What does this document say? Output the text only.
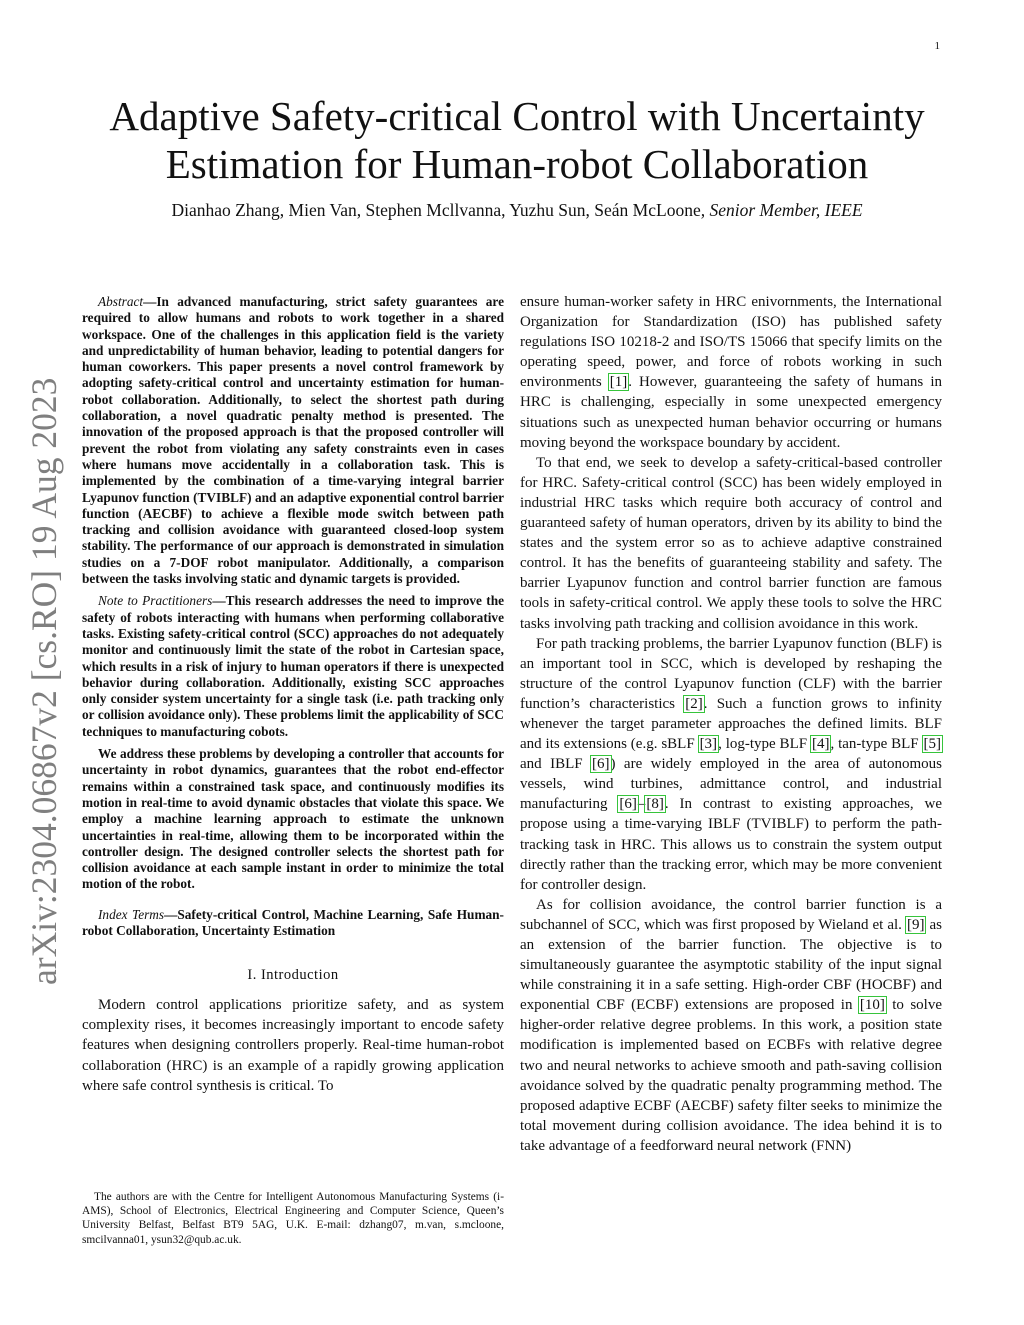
1
arXiv:2304.06867v2 [cs.RO] 19 Aug 2023
Adaptive Safety-critical Control with Uncertainty
Estimation for Human-robot Collaboration
Dianhao Zhang, Mien Van, Stephen Mcllvanna, Yuzhu Sun, Seán McLoone, Senior Member, IEEE

Abstract—In advanced manufacturing, strict safety guarantees are required to allow humans and robots to work together in a shared workspace. One of the challenges in this application field is the variety and unpredictability of human behavior, leading to potential dangers for human coworkers. This paper presents a novel control framework by adopting safety-critical control and uncertainty estimation for human-robot collaboration. Additionally, to select the shortest path during collaboration, a novel quadratic penalty method is presented. The innovation of the proposed approach is that the proposed controller will prevent the robot from violating any safety constraints even in cases where humans move accidentally in a collaboration task. This is implemented by the combination of a time-varying integral barrier Lyapunov function (TVIBLF) and an adaptive exponential control barrier function (AECBF) to achieve a flexible mode switch between path tracking and collision avoidance with guaranteed closed-loop system stability. The performance of our approach is demonstrated in simulation studies on a 7-DOF robot manipulator. Additionally, a comparison between the tasks involving static and dynamic targets is provided.

Note to Practitioners—This research addresses the need to improve the safety of robots interacting with humans when performing collaborative tasks. Existing safety-critical control (SCC) approaches do not adequately monitor and continuously limit the state of the robot in Cartesian space, which results in a risk of injury to human operators if there is unexpected behavior during collaboration. Additionally, existing SCC approaches only consider system uncertainty for a single task (i.e. path tracking only or collision avoidance only). These problems limit the applicability of SCC techniques to manufacturing cobots.

We address these problems by developing a controller that accounts for uncertainty in robot dynamics, guarantees that the robot end-effector remains within a constrained task space, and continuously modifies its motion in real-time to avoid dynamic obstacles that violate this space. We employ a machine learning approach to estimate the unknown uncertainties in real-time, allowing them to be incorporated within the controller design. The designed controller selects the shortest path for collision avoidance at each sample instant in order to minimize the total motion of the robot.

Index Terms—Safety-critical Control, Machine Learning, Safe Human-robot Collaboration, Uncertainty Estimation

I. Introduction

Modern control applications prioritize safety, and as system complexity rises, it becomes increasingly important to encode safety features when designing controllers properly. Real-time human-robot collaboration (HRC) is an example of a rapidly growing application where safe control synthesis is critical. To

The authors are with the Centre for Intelligent Autonomous Manufacturing Systems (i-AMS), School of Electronics, Electrical Engineering and Computer Science, Queen’s University Belfast, Belfast BT9 5AG, U.K. E-mail: dzhang07, m.van, s.mcloone, smcilvanna01, ysun32@qub.ac.uk.

ensure human-worker safety in HRC enivornments, the International Organization for Standardization (ISO) has published safety regulations ISO 10218-2 and ISO/TS 15066 that specify limits on the operating speed, power, and force of robots working in such environments [1]. However, guaranteeing the safety of humans in HRC is challenging, especially in some unexpected emergency situations such as unexpected human behavior occurring or humans moving beyond the workspace boundary by accident.

To that end, we seek to develop a safety-critical-based controller for HRC. Safety-critical control (SCC) has been widely employed in industrial HRC tasks which require both accuracy of control and guaranteed safety of human operators, driven by its ability to bind the states and the system error so as to achieve adaptive constrained control. It has the benefits of guaranteeing stability and safety. The barrier Lyapunov function and control barrier function are famous tools in safety-critical control. We apply these tools to solve the HRC tasks involving path tracking and collision avoidance in this work.

For path tracking problems, the barrier Lyapunov function (BLF) is an important tool in SCC, which is developed by reshaping the structure of the control Lyapunov function (CLF) with the barrier function’s characteristics [2]. Such a function grows to infinity whenever the target parameter approaches the defined limits. BLF and its extensions (e.g. sBLF [3], log-type BLF [4], tan-type BLF [5] and IBLF [6]) are widely employed in the area of autonomous vessels, wind turbines, admittance control, and industrial manufacturing [6]–[8]. In contrast to existing approaches, we propose using a time-varying IBLF (TVIBLF) to perform the path-tracking task in HRC. This allows us to constrain the system output directly rather than the tracking error, which may be more convenient for controller design.

As for collision avoidance, the control barrier function is a subchannel of SCC, which was first proposed by Wieland et al. [9] as an extension of the barrier function. The objective is to simultaneously guarantee the asymptotic stability of the input signal while constraining it in a safe setting. High-order CBF (HOCBF) and exponential CBF (ECBF) extensions are proposed in [10] to solve higher-order relative degree problems. In this work, a position state modification is implemented based on ECBFs with relative degree two and neural networks to achieve smooth and path-saving collision avoidance solved by the quadratic penalty programming method. The proposed adaptive ECBF (AECBF) safety filter seeks to minimize the total movement during collision avoidance. The idea behind it is to take advantage of a feedforward neural network (FNN)
